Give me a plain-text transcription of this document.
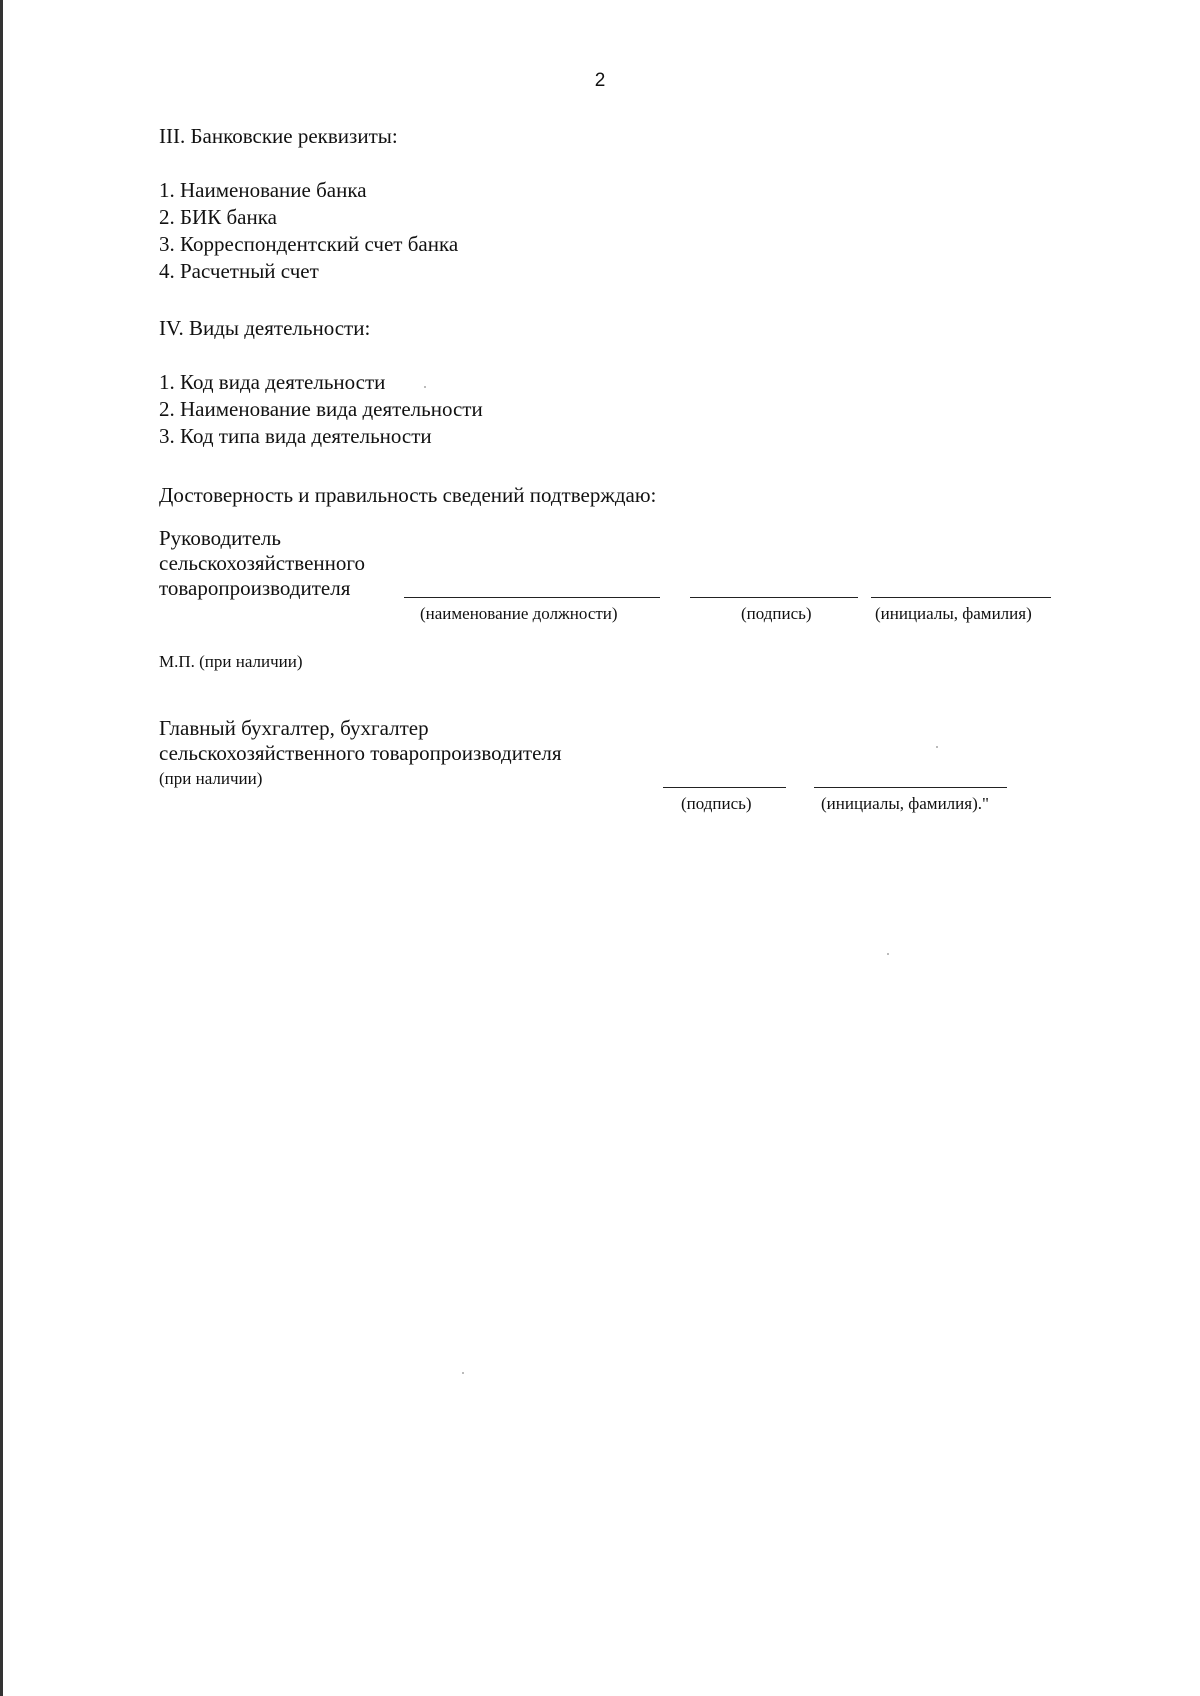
2
III. Банковские реквизиты:
1. Наименование банка
2. БИК банка
3. Корреспондентский счет банка
4. Расчетный счет
IV. Виды деятельности:
1. Код вида деятельности
2. Наименование вида деятельности
3. Код типа вида деятельности
Достоверность и правильность сведений подтверждаю:
Руководитель
сельскохозяйственного
товаропроизводителя
(наименование должности)	(подпись)	(инициалы, фамилия)
М.П. (при наличии)
Главный бухгалтер, бухгалтер
сельскохозяйственного товаропроизводителя
(при наличии)
(подпись)	(инициалы, фамилия)."
